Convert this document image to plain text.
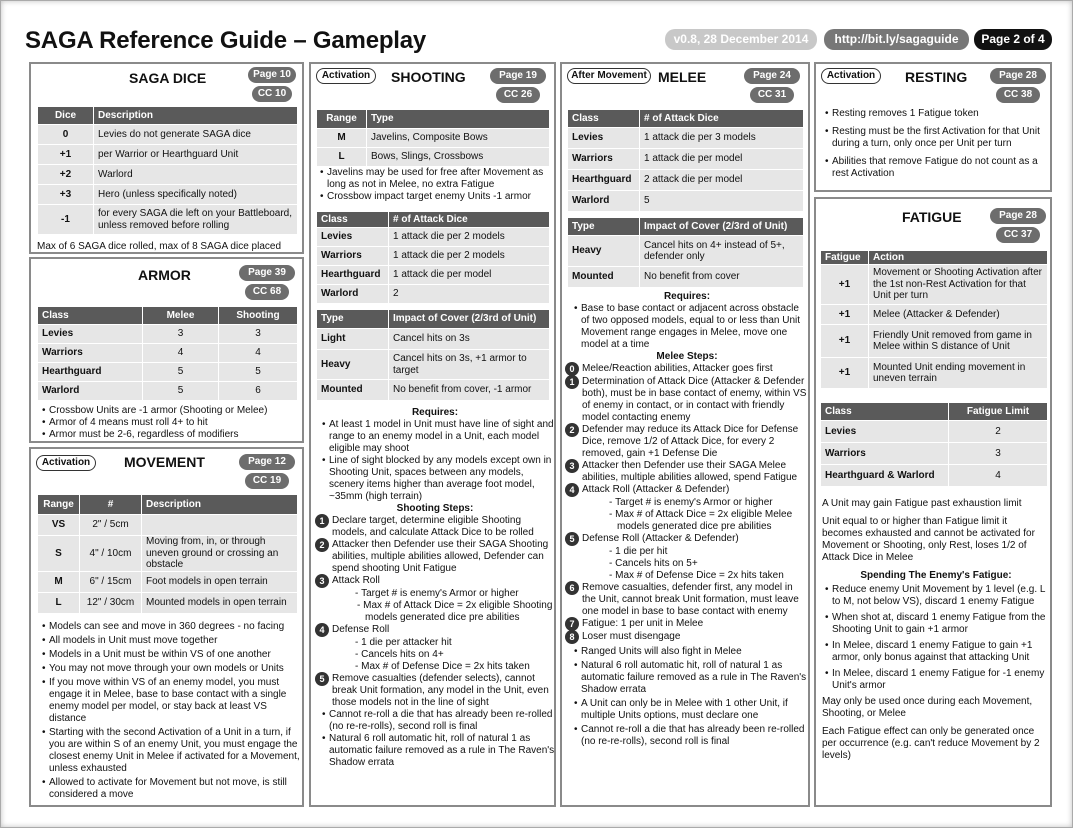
SAGA Reference Guide – Gameplay	v0.8, 28 December 2014	http://bit.ly/sagaguide	Page 2 of 4
SAGA DICE	Page 10
CC 10
Dice	Description
0	Levies do not generate SAGA dice
+1	per Warrior or Hearthguard Unit
+2	Warlord
+3	Hero (unless specifically noted)
-1	for every SAGA die left on your Battleboard, unless removed before rolling
Max of 6 SAGA dice rolled, max of 8 SAGA dice placed
ARMOR	Page 39
CC 68
Class	Melee	Shooting
Levies	3	3
Warriors	4	4
Hearthguard	5	5
Warlord	5	6
• Crossbow Units are -1 armor (Shooting or Melee)
• Armor of 4 means must roll 4+ to hit
• Armor must be 2-6, regardless of modifiers
Activation	MOVEMENT	Page 12
CC 19
Range	#	Description
VS	2" / 5cm	
S	4" / 10cm	Moving from, in, or through uneven ground or crossing an obstacle
M	6" / 15cm	Foot models in open terrain
L	12" / 30cm	Mounted models in open terrain
• Models can see and move in 360 degrees - no facing
• All models in Unit must move together
• Models in a Unit must be within VS of one another
• You may not move through your own models or Units
• If you move within VS of an enemy model, you must engage it in Melee, base to base contact with a single enemy model per model, or stay back at least VS distance
• Starting with the second Activation of a Unit in a turn, if you are within S of an enemy Unit, you must engage the closest enemy Unit in Melee if activated for a Movement, unless exhausted
• Allowed to activate for Movement but not move, is still considered a move
Activation	SHOOTING	Page 19
CC 26
Range	Type
M	Javelins, Composite Bows
L	Bows, Slings, Crossbows
• Javelins may be used for free after Movement as long as not in Melee, no extra Fatigue
• Crossbow impact target enemy Units -1 armor
Class	# of Attack Dice
Levies	1 attack die per 2 models
Warriors	1 attack die per 2 models
Hearthguard	1 attack die per model
Warlord	2
Type	Impact of Cover (2/3rd of Unit)
Light	Cancel hits on 3s
Heavy	Cancel hits on 3s, +1 armor to target
Mounted	No benefit from cover, -1 armor
Requires:
• At least 1 model in Unit must have line of sight and range to an enemy model in a Unit, each model eligible may shoot
• Line of sight blocked by any models except own in Shooting Unit, spaces between any models, scenery items higher than average foot model, ~35mm (high terrain)
Shooting Steps:
1 Declare target, determine eligible Shooting models, and calculate Attack Dice to be rolled
2 Attacker then Defender use their SAGA Shooting abilities, multiple abilities allowed, Defender can spend shooting Unit Fatigue
3 Attack Roll
- Target # is enemy's Armor or higher
- Max # of Attack Dice = 2x eligible Shooting models generated dice pre abilities
4 Defense Roll
- 1 die per attacker hit
- Cancels hits on 4+
- Max # of Defense Dice = 2x hits taken
5 Remove casualties (defender selects), cannot break Unit formation, any model in the Unit, even those models not in the line of sight
• Cannot re-roll a die that has already been re-rolled (no re-re-rolls), second roll is final
• Natural 6 roll automatic hit, roll of natural 1 as automatic failure removed as a rule in The Raven's Shadow errata
After Movement MELEE	Page 24
CC 31
Class	# of Attack Dice
Levies	1 attack die per 3 models
Warriors	1 attack die per model
Hearthguard	2 attack die per model
Warlord	5
Type	Impact of Cover (2/3rd of Unit)
Heavy	Cancel hits on 4+ instead of 5+, defender only
Mounted	No benefit from cover
Requires:
• Base to base contact or adjacent across obstacle of two opposed models, equal to or less than Unit Movement range engages in Melee, move one model at a time
Melee Steps:
0 Melee/Reaction abilities, Attacker goes first
1 Determination of Attack Dice (Attacker & Defender both), must be in base contact of enemy, within VS of enemy in contact, or in contact with friendly model contacting enemy
2 Defender may reduce its Attack Dice for Defense Dice, remove 1/2 of Attack Dice, for every 2 removed, gain +1 Defense Die
3 Attacker then Defender use their SAGA Melee abilities, multiple abilities allowed, spend Fatigue
4 Attack Roll (Attacker & Defender)
- Target # is enemy's Armor or higher
- Max # of Attack Dice = 2x eligible Melee models generated dice pre abilities
5 Defense Roll (Attacker & Defender)
- 1 die per hit
- Cancels hits on 5+
- Max # of Defense Dice = 2x hits taken
6 Remove casualties, defender first, any model in the Unit, cannot break Unit formation, must leave one model in base to base contact with enemy
7 Fatigue: 1 per unit in Melee
8 Loser must disengage
• Ranged Units will also fight in Melee
• Natural 6 roll automatic hit, roll of natural 1 as automatic failure removed as a rule in The Raven's Shadow errata
• A Unit can only be in Melee with 1 other Unit, if multiple Units options, must declare one
• Cannot re-roll a die that has already been re-rolled (no re-re-rolls), second roll is final
Activation	RESTING	Page 28
CC 38
• Resting removes 1 Fatigue token
• Resting must be the first Activation for that Unit during a turn, only once per Unit per turn
• Abilities that remove Fatigue do not count as a rest Activation
FATIGUE	Page 28
CC 37
Fatigue	Action
+1	Movement or Shooting Activation after the 1st non-Rest Activation for that Unit per turn
+1	Melee (Attacker & Defender)
+1	Friendly Unit removed from game in Melee within S distance of Unit
+1	Mounted Unit ending movement in uneven terrain
Class	Fatigue Limit
Levies	2
Warriors	3
Hearthguard & Warlord	4
A Unit may gain Fatigue past exhaustion limit
Unit equal to or higher than Fatigue limit it becomes exhausted and cannot be activated for Movement or Shooting, only Rest, loses 1/2 of Attack Dice in Melee
Spending The Enemy's Fatigue:
• Reduce enemy Unit Movement by 1 level (e.g. L to M, not below VS), discard 1 enemy Fatigue
• When shot at, discard 1 enemy Fatigue from the Shooting Unit to gain +1 armor
• In Melee, discard 1 enemy Fatigue to gain +1 armor, only bonus against that attacking Unit
• In Melee, discard 1 enemy Fatigue for -1 enemy Unit's armor
May only be used once during each Movement, Shooting, or Melee
Each Fatigue effect can only be generated once per occurrence (e.g. can't reduce Movement by 2 levels)
